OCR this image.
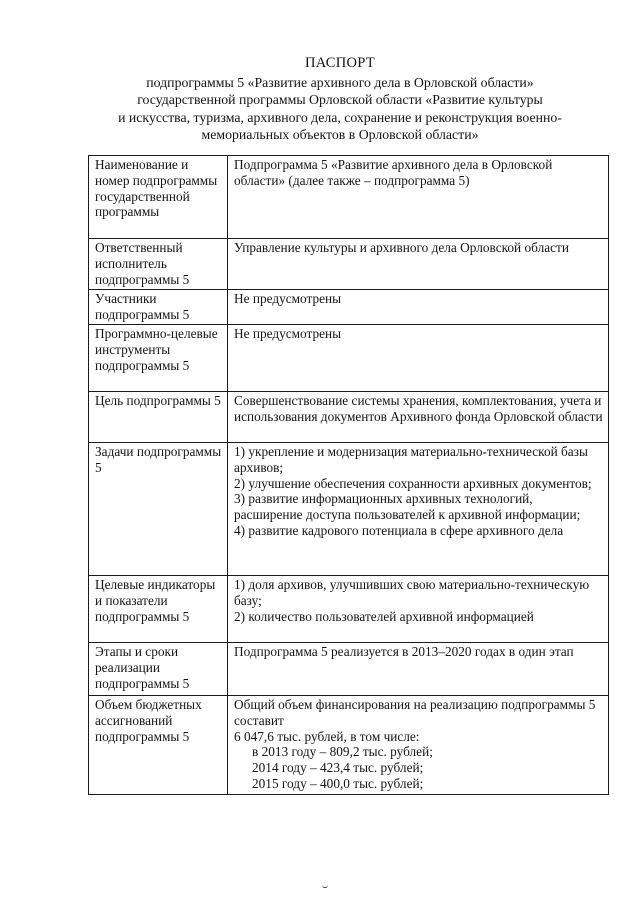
ПАСПОРТ
подпрограммы 5 «Развитие архивного дела в Орловской области»
государственной программы Орловской области «Развитие культуры
и искусства, туризма, архивного дела, сохранение и реконструкция военно-
мемориальных объектов в Орловской области»
Наименование и номер подпрограммы государственной программы	Подпрограмма 5 «Развитие архивного дела в Орловской области» (далее также – подпрограмма 5)

Ответственный исполнитель подпрограммы 5	Управление культуры и архивного дела Орловской области

Участники подпрограммы 5	Не предусмотрены

Программно-целевые инструменты подпрограммы 5	Не предусмотрены

Цель подпрограммы 5	Совершенствование системы хранения, комплектования, учета и использования документов Архивного фонда Орловской области

Задачи подпрограммы 5	1) укрепление и модернизация материально-технической базы архивов;
2) улучшение обеспечения сохранности архивных документов;
3) развитие информационных архивных технологий, расширение доступа пользователей к архивной информации;
4) развитие кадрового потенциала в сфере архивного дела

Целевые индикаторы и показатели подпрограммы 5	1) доля архивов, улучшивших свою материально-техническую базу;
2) количество пользователей архивной информацией

Этапы и сроки реализации подпрограммы 5	Подпрограмма 5 реализуется в 2013–2020 годах в один этап

Объем бюджетных ассигнований подпрограммы 5	Общий объем финансирования на реализацию подпрограммы 5 составит
6 047,6 тыс. рублей, в том числе:
в 2013 году – 809,2 тыс. рублей;
2014 году – 423,4 тыс. рублей;
2015 году – 400,0 тыс. рублей;
